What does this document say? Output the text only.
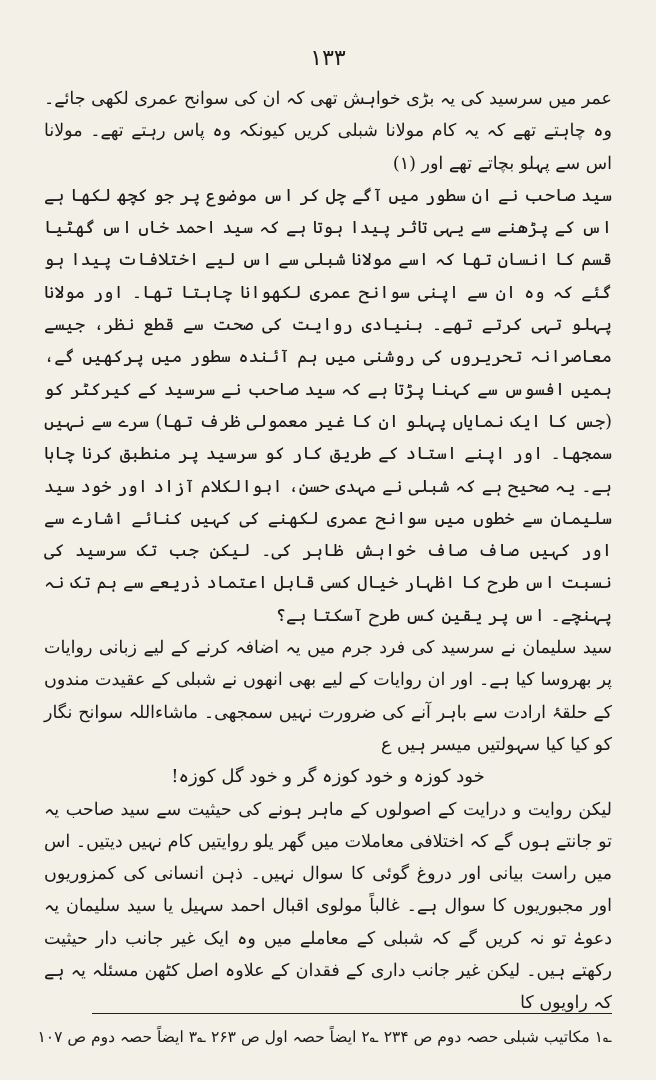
۱۳۳

عمر میں سرسید کی یہ بڑی خواہش تھی کہ ان کی سوانح عمری لکھی جائے۔ وہ چاہتے تھے کہ یہ کام مولانا شبلی کریں کیونکہ وہ پاس رہتے تھے۔ مولانا اس سے پہلو بچاتے تھے اور (۱)

سید صاحب نے ان سطور میں آگے چل کر اس موضوع پر جو کچھ لکھا ہے اس کے پڑھنے سے یہی تاثر پیدا ہوتا ہے کہ سید احمد خاں اس گھٹیا قسم کا انسان تھا کہ اسے مولانا شبلی سے اس لیے اختلافات پیدا ہو گئے کہ وہ ان سے اپنی سوانح عمری لکھوانا چاہتا تھا۔ اور مولانا پہلو تہی کرتے تھے۔ بنیادی روایت کی صحت سے قطع نظر، جیسے معاصرانہ تحریروں کی روشنی میں ہم آئندہ سطور میں پرکھیں گے، ہمیں افسوس سے کہنا پڑتا ہے کہ سید صاحب نے سرسید کے کیرکٹر کو (جس کا ایک نمایاں پہلو ان کا غیر معمولی ظرف تھا) سرے سے نہیں سمجھا۔ اور اپنے استاد کے طریق کار کو سرسید پر منطبق کرنا چاہا ہے۔ یہ صحیح ہے کہ شبلی نے مہدی حسن، ابوالکلام آزاد اور خود سید سلیمان سے خطوں میں سوانح عمری لکھنے کی کہیں کنائے اشارے سے اور کہیں صاف صاف خواہش ظاہر کی۔ لیکن جب تک سرسید کی نسبت اس طرح کا اظہار خیال کسی قابل اعتماد ذریعے سے ہم تک نہ پہنچے۔ اس پر یقین کس طرح آسکتا ہے؟

سید سلیمان نے سرسید کی فرد جرم میں یہ اضافہ کرنے کے لیے زبانی روایات پر بھروسا کیا ہے۔ اور ان روایات کے لیے بھی انھوں نے شبلی کے عقیدت مندوں کے حلقۂ ارادت سے باہر آنے کی ضرورت نہیں سمجھی۔ ماشاءاللہ سوانح نگار کو کیا کیا سہولتیں میسر ہیں ع

خود کوزہ و خود کوزہ گر و خود گل کوزہ!

لیکن روایت و درایت کے اصولوں کے ماہر ہونے کی حیثیت سے سید صاحب یہ تو جانتے ہوں گے کہ اختلافی معاملات میں گھر یلو روایتیں کام نہیں دیتیں۔ اس میں راست بیانی اور دروغ گوئی کا سوال نہیں۔ ذہن انسانی کی کمزوریوں اور مجبوریوں کا سوال ہے۔ غالباً مولوی اقبال احمد سہیل یا سید سلیمان یہ دعوےٰ تو نہ کریں گے کہ شبلی کے معاملے میں وہ ایک غیر جانب دار حیثیت رکھتے ہیں۔ لیکن غیر جانب داری کے فقدان کے علاوہ اصل کٹھن مسئلہ یہ ہے کہ راویوں کا

؎۱ مکاتیب شبلی حصہ دوم ص ۲۳۴ ؎۲ ایضاً حصہ اول ص ۲۶۳ ؎۳ ایضاً حصہ دوم ص ۱۰۷
